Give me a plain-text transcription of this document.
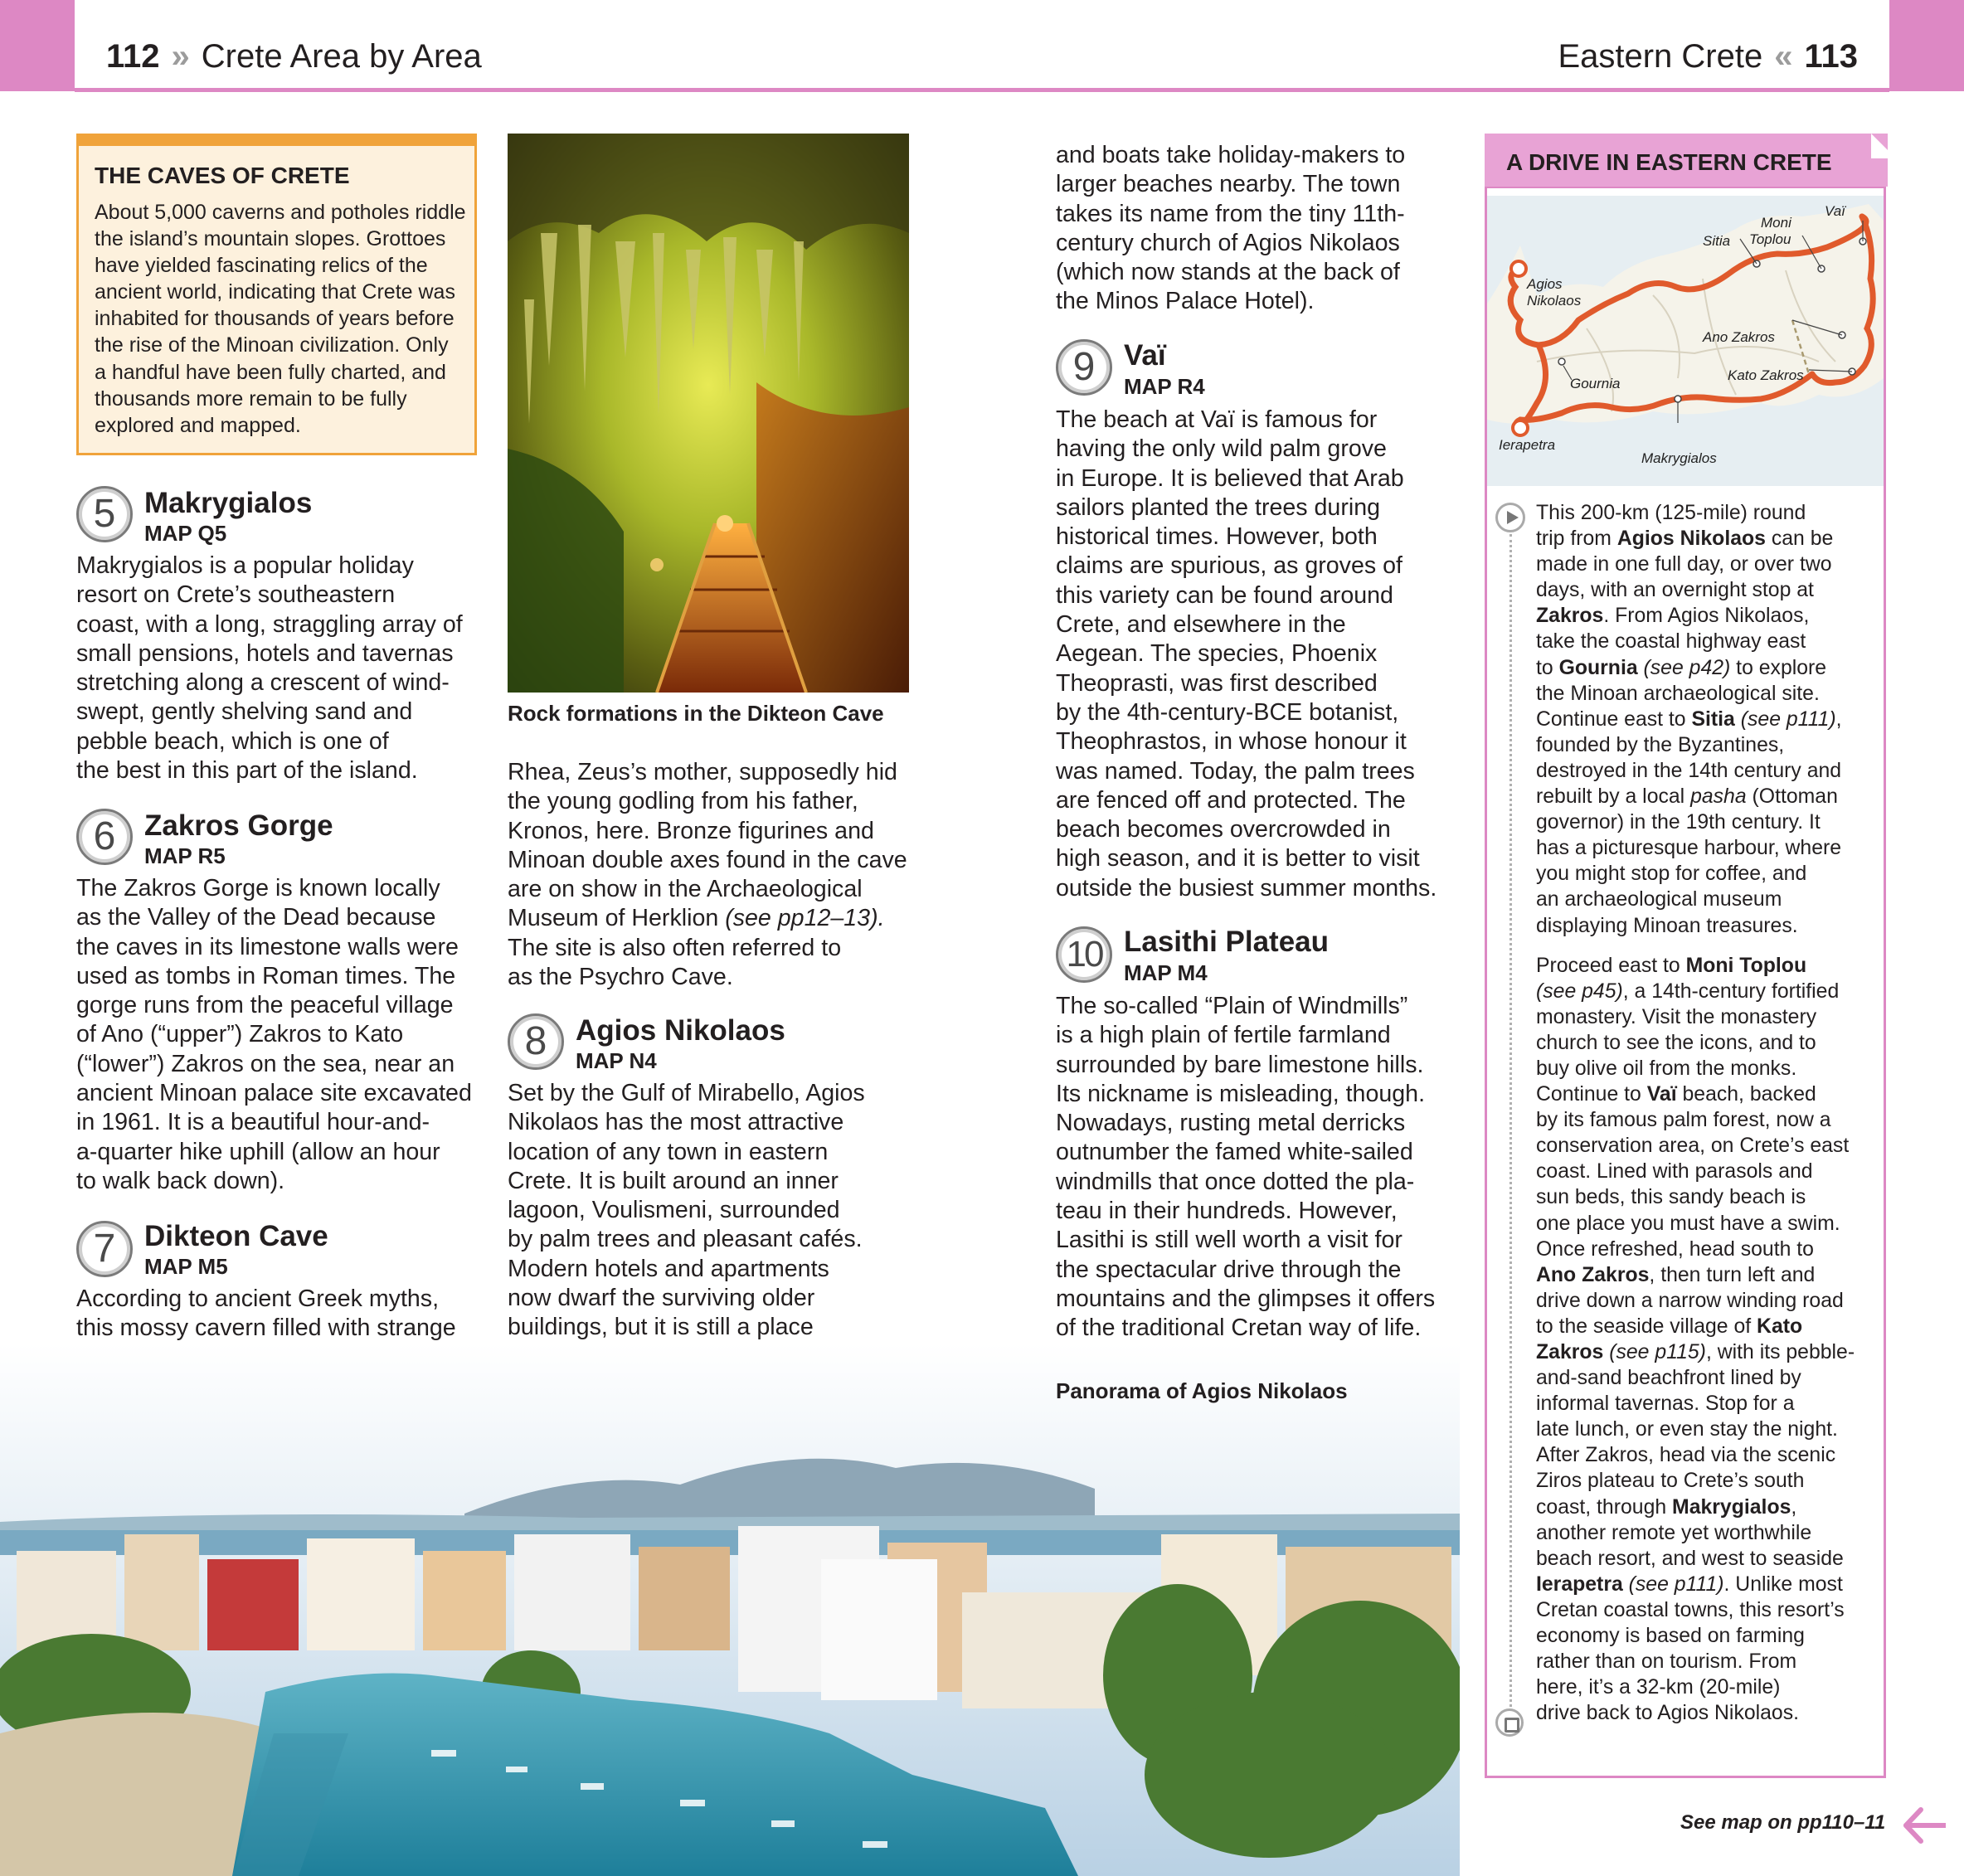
112 » Crete Area by Area	Eastern Crete « 113
THE CAVES OF CRETE
About 5,000 caverns and potholes riddle
the island’s mountain slopes. Grottoes
have yielded fascinating relics of the
ancient world, indicating that Crete was
inhabited for thousands of years before
the rise of the Minoan civilization. Only
a handful have been fully charted, and
thousands more remain to be fully
explored and mapped.
Rock formations in the Dikteon Cave
5 Makrygialos
MAP Q5

Makrygialos is a popular holiday

resort on Crete’s southeastern

coast, with a long, straggling array of

small pensions, hotels and tavernas

stretching along a crescent of wind-

swept, gently shelving sand and

pebble beach, which is one of

the best in this part of the island.

6 Zakros Gorge
MAP R5

The Zakros Gorge is known locally

as the Valley of the Dead because

the caves in its limestone walls were

used as tombs in Roman times. The

gorge runs from the peaceful village

of Ano (“upper”) Zakros to Kato

(“lower”) Zakros on the sea, near an

ancient Minoan palace site excavated

in 1961. It is a beautiful hour-and-

a-quarter hike uphill (allow an hour

to walk back down).

7 Dikteon Cave
MAP M5

According to ancient Greek myths,

this mossy cavern filled with strange

Rhea, Zeus’s mother, supposedly hid

the young godling from his father,

Kronos, here. Bronze figurines and

Minoan double axes found in the cave

are on show in the Archaeological

Museum of Herklion (see pp12–13).

The site is also often referred to

as the Psychro Cave.

8 Agios Nikolaos
MAP N4

Set by the Gulf of Mirabello, Agios

Nikolaos has the most attractive

location of any town in eastern

Crete. It is built around an inner

lagoon, Voulismeni, surrounded

by palm trees and pleasant cafés.

Modern hotels and apartments

now dwarf the surviving older

buildings, but it is still a place

and boats take holiday-makers to

larger beaches nearby. The town

takes its name from the tiny 11th-

century church of Agios Nikolaos

(which now stands at the back of

the Minos Palace Hotel).

9 Vaï
MAP R4

The beach at Vaï is famous for

having the only wild palm grove

in Europe. It is believed that Arab

sailors planted the trees during

historical times. However, both

claims are spurious, as groves of

this variety can be found around

Crete, and elsewhere in the

Aegean. The species, Phoenix

Theoprasti, was first described

by the 4th-century-BCE botanist,

Theophrastos, in whose honour it

was named. Today, the palm trees

are fenced off and protected. The

beach becomes overcrowded in

high season, and it is better to visit

outside the busiest summer months.

10 Lasithi Plateau
MAP M4

The so-called “Plain of Windmills”

is a high plain of fertile farmland

surrounded by bare limestone hills.

Its nickname is misleading, though.

Nowadays, rusting metal derricks

outnumber the famed white-sailed

windmills that once dotted the pla-

teau in their hundreds. However,

Lasithi is still well worth a visit for

the spectacular drive through the

mountains and the glimpses it offers

of the traditional Cretan way of life.

Panorama of Agios Nikolaos
A DRIVE IN EASTERN CRETE
Agios
Nikolaos
Sitia
Moni
Toplou
Vaï
Ano Zakros
Kato Zakros
Gournia
Ierapetra
Makrygialos

This 200-km (125-mile) round

trip from Agios Nikolaos can be

made in one full day, or over two

days, with an overnight stop at

Zakros. From Agios Nikolaos,

take the coastal highway east

to Gournia (see p42) to explore

the Minoan archaeological site.

Continue east to Sitia (see p111),

founded by the Byzantines,

destroyed in the 14th century and

rebuilt by a local pasha (Ottoman

governor) in the 19th century. It

has a picturesque harbour, where

you might stop for coffee, and

an archaeological museum

displaying Minoan treasures.

Proceed east to Moni Toplou

(see p45), a 14th-century fortified

monastery. Visit the monastery

church to see the icons, and to

buy olive oil from the monks.

Continue to Vaï beach, backed

by its famous palm forest, now a

conservation area, on Crete’s east

coast. Lined with parasols and

sun beds, this sandy beach is

one place you must have a swim.

Once refreshed, head south to

Ano Zakros, then turn left and

drive down a narrow winding road

to the seaside village of Kato

Zakros (see p115), with its pebble-

and-sand beachfront lined by

informal tavernas. Stop for a

late lunch, or even stay the night.

After Zakros, head via the scenic

Ziros plateau to Crete’s south

coast, through Makrygialos,

another remote yet worthwhile

beach resort, and west to seaside

Ierapetra (see p111). Unlike most

Cretan coastal towns, this resort’s

economy is based on farming

rather than on tourism. From

here, it’s a 32-km (20-mile)

drive back to Agios Nikolaos.

See map on pp110–11
